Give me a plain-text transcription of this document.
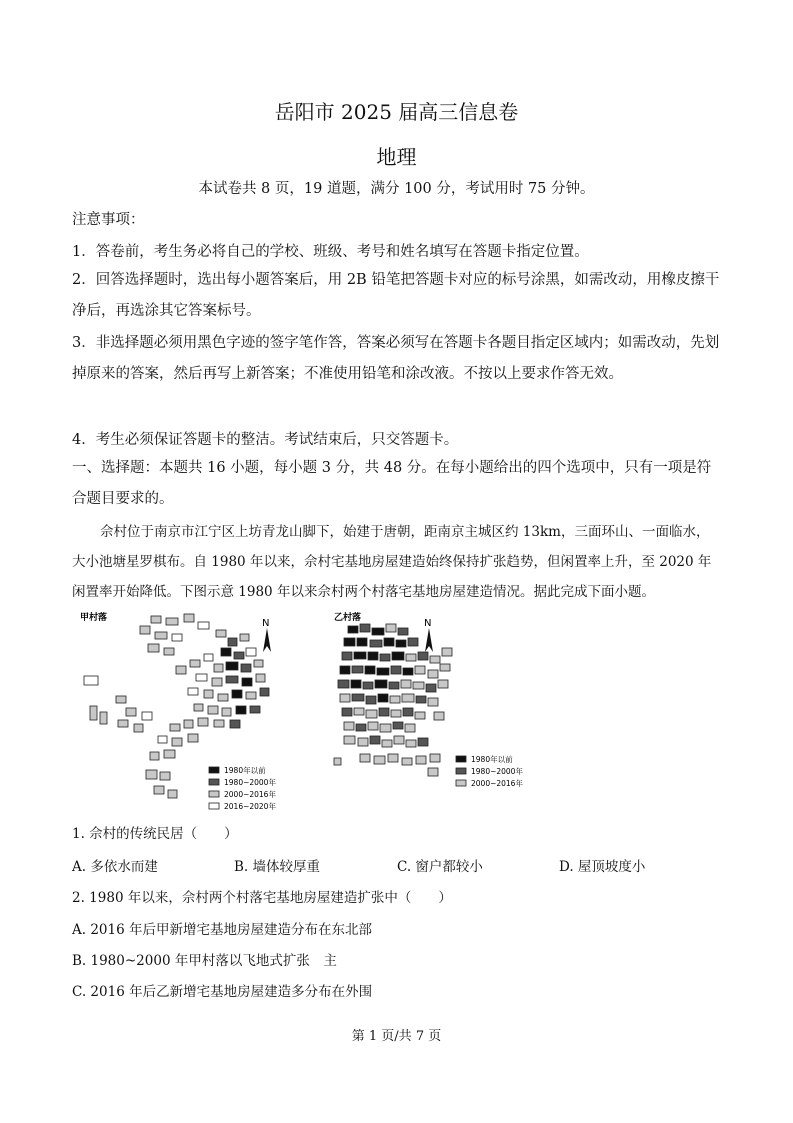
岳阳市 2025 届高三信息卷
地理
本试卷共 8 页，19 道题，满分 100 分，考试用时 75 分钟。
注意事项：
1．答卷前，考生务必将自己的学校、班级、考号和姓名填写在答题卡指定位置。
2．回答选择题时，选出每小题答案后，用 2B 铅笔把答题卡对应的标号涂黑，如需改动，用橡皮擦干净后，再选涂其它答案标号。
3．非选择题必须用黑色字迹的签字笔作答，答案必须写在答题卡各题目指定区域内；如需改动，先划掉原来的答案，然后再写上新答案；不准使用铅笔和涂改液。不按以上要求作答无效。
4．考生必须保证答题卡的整洁。考试结束后，只交答题卡。
一、选择题：本题共 16 小题，每小题 3 分，共 48 分。在每小题给出的四个选项中，只有一项是符合题目要求的。
佘村位于南京市江宁区上坊青龙山脚下，始建于唐朝，距南京主城区约 13km，三面环山、一面临水，大小池塘星罗棋布。自 1980 年以来，佘村宅基地房屋建造始终保持扩张趋势，但闲置率上升，至 2020 年闲置率开始降低。下图示意 1980 年以来佘村两个村落宅基地房屋建造情况。据此完成下面小题。
甲村落	N
1980年以前
1980~2000年
2000~2016年
2016~2020年
乙村落	N
1980年以前
1980~2000年
2000~2016年
1. 佘村的传统民居（　　）
A. 多依水而建	B. 墙体较厚重	C. 窗户都较小	D. 屋顶坡度小
2. 1980 年以来，佘村两个村落宅基地房屋建造扩张中（　　）
A. 2016 年后甲新增宅基地房屋建造分布在东北部
B. 1980~2000 年甲村落以飞地式扩张　主
C. 2016 年后乙新增宅基地房屋建造多分布在外围
第 1 页/共 7 页
